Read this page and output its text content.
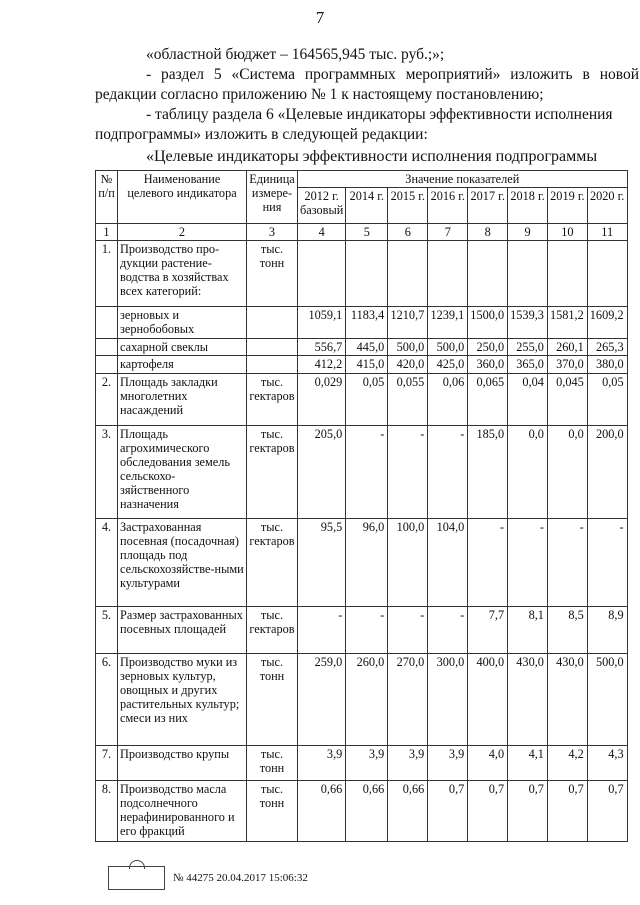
7
«областной бюджет – 164565,945 тыс. руб.;»;
- раздел 5 «Система программных мероприятий» изложить в новой
редакции согласно приложению № 1 к настоящему постановлению;
- таблицу раздела 6 «Целевые индикаторы эффективности исполнения
подпрограммы» изложить в следующей редакции:
«Целевые индикаторы эффективности исполнения подпрограммы
№ п/п	Наименование целевого индикатора	Единица измере-ния	Значение показателей							
			2012 г. базовый	2014 г.	2015 г.	2016 г.	2017 г.	2018 г.	2019 г.	2020 г.
1	2	3	4	5	6	7	8	9	10	11
1.	Производство про-дукции растение-водства в хозяйствах всех категорий:	тыс. тонн								
	зерновых и зернобобовых		1059,1	1183,4	1210,7	1239,1	1500,0	1539,3	1581,2	1609,2
	сахарной свеклы		556,7	445,0	500,0	500,0	250,0	255,0	260,1	265,3
	картофеля		412,2	415,0	420,0	425,0	360,0	365,0	370,0	380,0
2.	Площадь закладки многолетних насаждений	тыс. гектаров	0,029	0,05	0,055	0,06	0,065	0,04	0,045	0,05
3.	Площадь агрохимического обследования земель сельскохо-зяйственного назначения	тыс. гектаров	205,0	-	-	-	185,0	0,0	0,0	200,0
4.	Застрахованная посевная (посадочная) площадь под сельскохозяйстве-ными культурами	тыс. гектаров	95,5	96,0	100,0	104,0	-	-	-	-
5.	Размер застрахованных посевных площадей	тыс. гектаров	-	-	-	-	7,7	8,1	8,5	8,9
6.	Производство муки из зерновых культур, овощных и других растительных культур; смеси из них	тыс. тонн	259,0	260,0	270,0	300,0	400,0	430,0	430,0	500,0
7.	Производство крупы	тыс. тонн	3,9	3,9	3,9	3,9	4,0	4,1	4,2	4,3
8.	Производство масла подсолнечного нерафинированного и его фракций	тыс. тонн	0,66	0,66	0,66	0,7	0,7	0,7	0,7	0,7
№ 44275 20.04.2017 15:06:32
